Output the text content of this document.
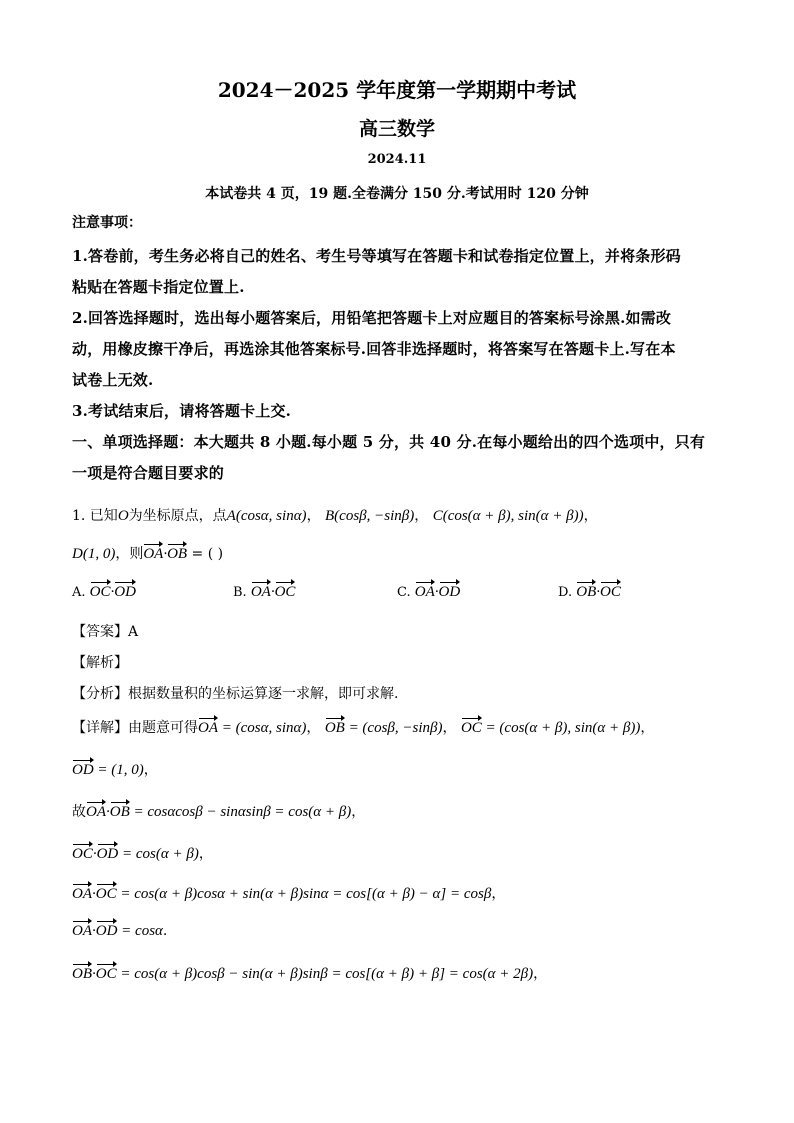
2024－2025 学年度第一学期期中考试
高三数学
2024.11
本试卷共 4 页，19 题.全卷满分 150 分.考试用时 120 分钟
注意事项：
1.答卷前，考生务必将自己的姓名、考生号等填写在答题卡和试卷指定位置上，并将条形码
粘贴在答题卡指定位置上.
2.回答选择题时，选出每小题答案后，用铅笔把答题卡上对应题目的答案标号涂黑.如需改
动，用橡皮擦干净后，再选涂其他答案标号.回答非选择题时，将答案写在答题卡上.写在本
试卷上无效.
3.考试结束后，请将答题卡上交.
一、单项选择题：本大题共 8 小题.每小题 5 分，共 40 分.在每小题给出的四个选项中，只有
一项是符合题目要求的
1. 已知O为坐标原点，点A(cosα, sinα)， B(cosβ, −sinβ)， C(cos(α + β), sin(α + β))，
D(1, 0)，则OA·OB = ( )
A. OC·OD	B. OA·OC	C. OA·OD	D. OB·OC
【答案】A
【解析】
【分析】根据数量积的坐标运算逐一求解，即可求解.
【详解】由题意可得OA = (cosα, sinα)， OB = (cosβ, −sinβ)， OC = (cos(α + β), sin(α + β))，
OD = (1, 0)，
故OA·OB = cosαcosβ − sinαsinβ = cos(α + β)，
OC·OD = cos(α + β)，
OA·OC = cos(α + β)cosα + sin(α + β)sinα = cos[(α + β) − α] = cosβ，
OA·OD = cosα.
OB·OC = cos(α + β)cosβ − sin(α + β)sinβ = cos[(α + β) + β] = cos(α + 2β)，
